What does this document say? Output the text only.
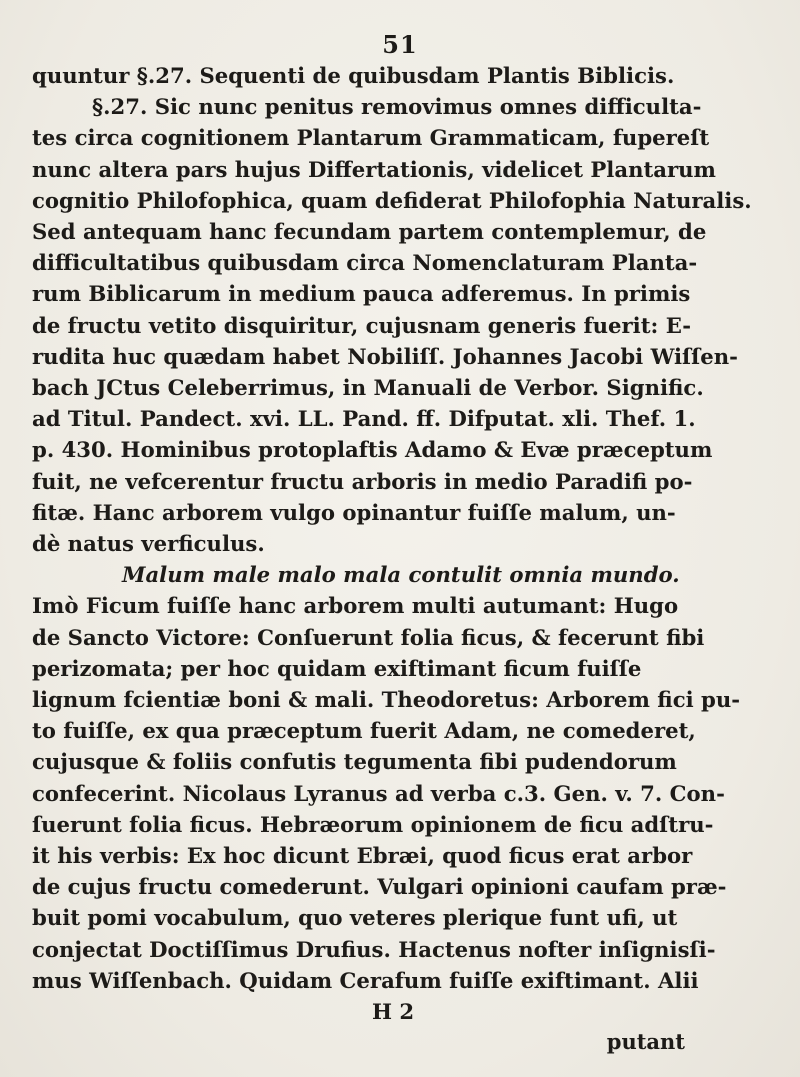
51
quuntur §.27. Sequenti de quibusdam Plantis Biblicis.
§.27. Sic nunc penitus removimus omnes difficulta-
tes circa cognitionem Plantarum Grammaticam, fupereſt
nunc altera pars hujus Differtationis, videlicet Plantarum
cognitio Philofophica, quam defiderat Philofophia Naturalis.
Sed antequam hanc fecundam partem contemplemur, de
difficultatibus quibusdam circa Nomenclaturam Planta-
rum Biblicarum in medium pauca adferemus. In primis
de fructu vetito disquiritur, cujusnam generis fuerit: E-
rudita huc quædam habet Nobiliſſ. Johannes Jacobi Wiſſen-
bach JCtus Celeberrimus, in Manuali de Verbor. Signific.
ad Titul. Pandect. xvi. LL. Pand. ff. Difputat. xli. Thef. 1.
p. 430. Hominibus protoplaftis Adamo & Evæ præceptum
fuit, ne vefcerentur fructu arboris in medio Paradifi po-
fitæ. Hanc arborem vulgo opinantur fuiſſe malum, un-
dè natus verficulus.
Malum male malo mala contulit omnia mundo.
Imò Ficum fuiſſe hanc arborem multi autumant: Hugo
de Sancto Victore: Conſuerunt folia ficus, & fecerunt fibi
perizomata; per hoc quidam exiftimant ficum fuiſſe
lignum fcientiæ boni & mali. Theodoretus: Arborem fici pu-
to fuiſſe, ex qua præceptum fuerit Adam, ne comederet,
cujusque & foliis confutis tegumenta fibi pudendorum
confecerint. Nicolaus Lyranus ad verba c.3. Gen. v. 7. Con-
ſuerunt folia ficus. Hebræorum opinionem de ficu adſtru-
it his verbis: Ex hoc dicunt Ebræi, quod ficus erat arbor
de cujus fructu comederunt. Vulgari opinioni caufam præ-
buit pomi vocabulum, quo veteres plerique funt ufi, ut
conjectat Doctiſſimus Drufius. Hactenus nofter inſignisſi-
mus Wiſſenbach. Quidam Cerafum fuiſſe exiftimant. Alii
H 2
putant
